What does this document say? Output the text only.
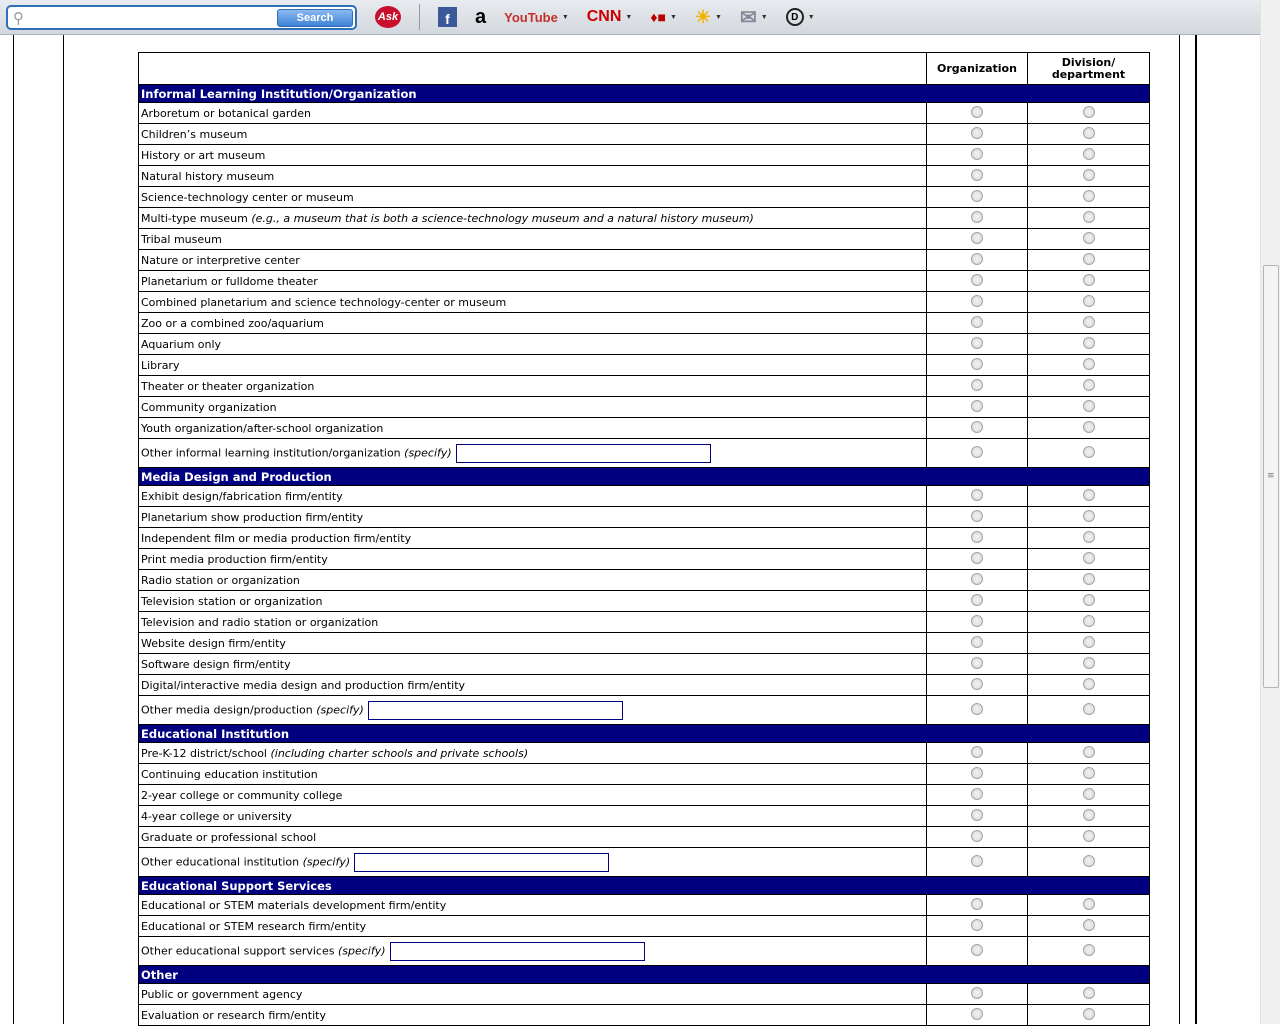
⚲	Search	Ask	f	a YouTube ▼ CNN ▼ ♦■ ▼ ☀ ▼ ✉ ▼	D	▼
	Organization	Division/ department
Informal Learning Institution/Organization		
Arboretum or botanical garden		
Children’s museum		
History or art museum		
Natural history museum		
Science-technology center or museum		
Multi-type museum (e.g., a museum that is both a science-technology museum and a natural history museum)		
Tribal museum		
Nature or interpretive center		
Planetarium or fulldome theater		
Combined planetarium and science technology-center or museum		
Zoo or a combined zoo/aquarium		
Aquarium only		
Library		
Theater or theater organization		
Community organization		
Youth organization/after-school organization		
Other informal learning institution/organization (specify)		
Media Design and Production		
Exhibit design/fabrication firm/entity		
Planetarium show production firm/entity		
Independent film or media production firm/entity		
Print media production firm/entity		
Radio station or organization		
Television station or organization		
Television and radio station or organization		
Website design firm/entity		
Software design firm/entity		
Digital/interactive media design and production firm/entity		
Other media design/production (specify)		
Educational Institution		
Pre-K-12 district/school (including charter schools and private schools)		
Continuing education institution		
2-year college or community college		
4-year college or university		
Graduate or professional school		
Other educational institution (specify)		
Educational Support Services		
Educational or STEM materials development firm/entity		
Educational or STEM research firm/entity		
Other educational support services (specify)		
Other		
Public or government agency		
Evaluation or research firm/entity		
≡
